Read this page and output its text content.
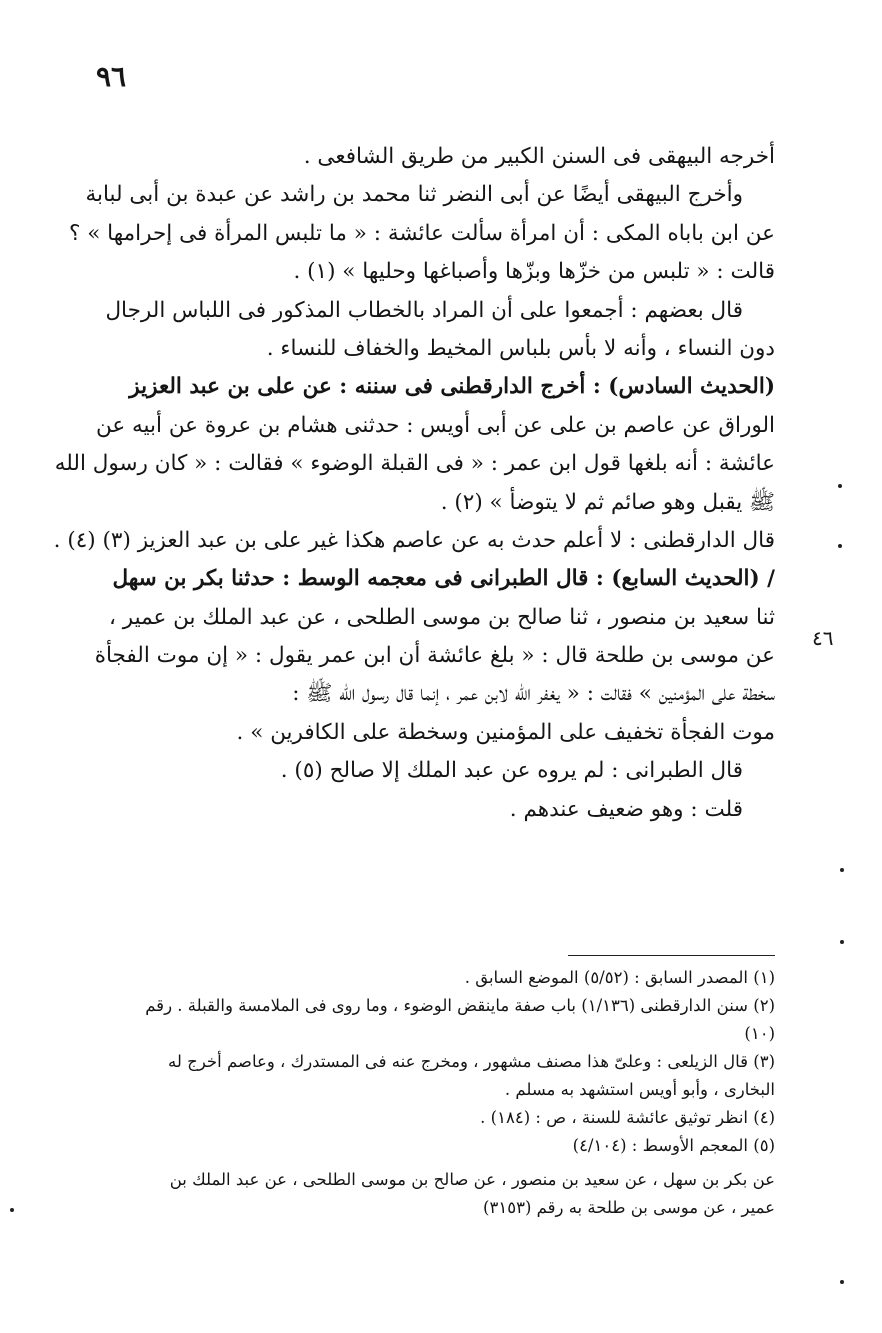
٩٦
٤٦
أخرجه البيهقى فى السنن الكبير من طريق الشافعى .
وأخرج البيهقى أيضًا عن أبى النضر ثنا محمد بن راشد عن عبدة بن أبى لبابة
عن ابن باباه المكى : أن امرأة سألت عائشة : « ما تلبس المرأة فى إحرامها » ؟
قالت : « تلبس من خزّها وبزّها وأصباغها وحليها » (١) .
قال بعضهم : أجمعوا على أن المراد بالخطاب المذكور فى اللباس الرجال
دون النساء ، وأنه لا بأس بلباس المخيط والخفاف للنساء .
(الحديث السادس) : أخرج الدارقطنى فى سننه : عن على بن عبد العزيز
الوراق عن عاصم بن على عن أبى أويس : حدثنى هشام بن عروة عن أبيه عن
عائشة : أنه بلغها قول ابن عمر : « فى القبلة الوضوء » فقالت : « كان رسول الله
ﷺ يقبل وهو صائم ثم لا يتوضأ » (٢) .
قال الدارقطنى : لا أعلم حدث به عن عاصم هكذا غير على بن عبد العزيز (٣) (٤) .
/ (الحديث السابع) : قال الطبرانى فى معجمه الوسط : حدثنا بكر بن سهل
ثنا سعيد بن منصور ، ثنا صالح بن موسى الطلحى ، عن عبد الملك بن عمير ،
عن موسى بن طلحة قال : « بلغ عائشة أن ابن عمر يقول : « إن موت الفجأة
سخطة على المؤمنين » فقالت : « يغفر الله لابن عمر ، إنما قال رسول الله ﷺ :
موت الفجأة تخفيف على المؤمنين وسخطة على الكافرين » .
قال الطبرانى : لم يروه عن عبد الملك إلا صالح (٥) .
قلت : وهو ضعيف عندهم .
(١) المصدر السابق : (٥/٥٢) الموضع السابق .
(٢) سنن الدارقطنى (١/١٣٦) باب صفة ماينقض الوضوء ، وما روى فى الملامسة والقبلة . رقم
(١٠)
(٣) قال الزيلعى : وعلىّ هذا مصنف مشهور ، ومخرج عنه فى المستدرك ، وعاصم أخرج له
البخارى ، وأبو أويس استشهد به مسلم .
(٤) انظر توثيق عائشة للسنة ، ص : (١٨٤) .
(٥) المعجم الأوسط : (٤/١٠٤)
عن بكر بن سهل ، عن سعيد بن منصور ، عن صالح بن موسى الطلحى ، عن عبد الملك بن
عمير ، عن موسى بن طلحة به رقم (٣١٥٣)
